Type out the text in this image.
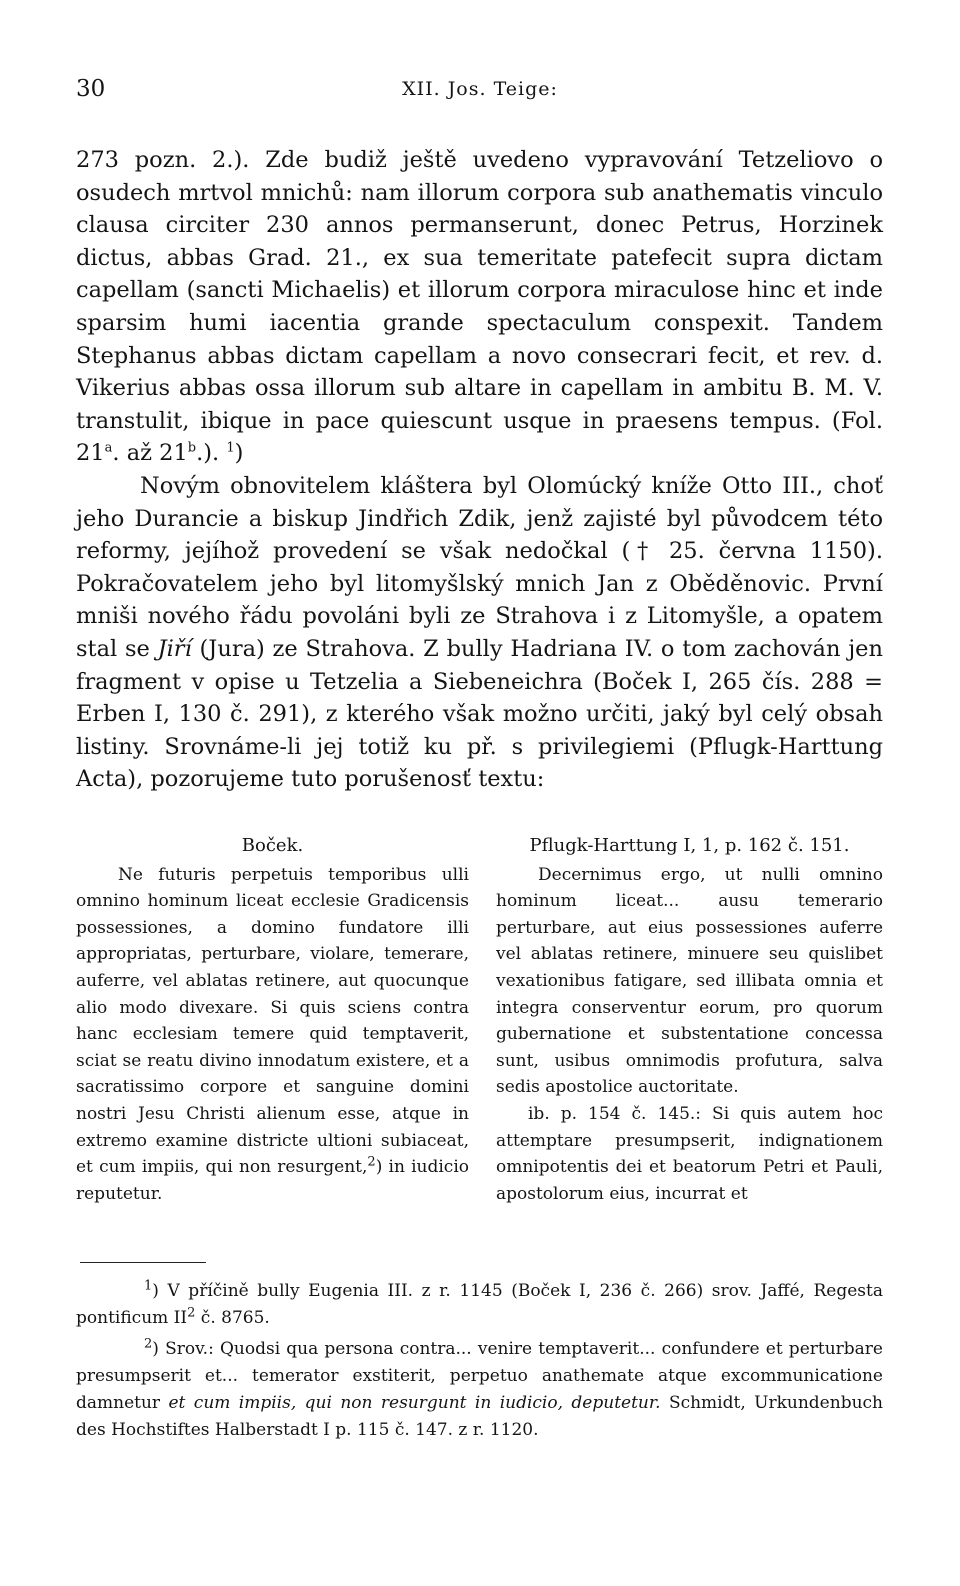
30	XII. Jos. Teige:

273 pozn. 2.). Zde budiž ještě uvedeno vypravování Tetzeliovo o osudech mrtvol mnichů: nam illorum corpora sub anathematis vinculo clausa circiter 230 annos permanserunt, donec Petrus, Horzinek dictus, abbas Grad. 21., ex sua temeritate patefecit supra dictam capellam (sancti Michaelis) et illorum corpora miraculose hinc et inde sparsim humi iacentia grande spectaculum conspexit. Tandem Stephanus abbas dictam capellam a novo consecrari fecit, et rev. d. Vikerius abbas ossa illorum sub altare in capellam in ambitu B. M. V. transtulit, ibique in pace quiescunt usque in praesens tempus. (Fol. 21$^a$. až 21$^b$.). $^1$)

Novým obnovitelem kláštera byl Olomúcký kníže Otto III., choť jeho Durancie a biskup Jindřich Zdik, jenž zajisté byl původcem této reformy, jejíhož provedení se však nedočkal († 25. června 1150). Pokračovatelem jeho byl litomyšlský mnich Jan z Oběděnovic. První mniši nového řádu povoláni byli ze Strahova i z Litomyšle, a opatem stal se Jiří (Jura) ze Strahova. Z bully Hadriana IV. o tom zachován jen fragment v opise u Tetzelia a Siebeneichra (Boček I, 265 čís. 288 = Erben I, 130 č. 291), z kterého však možno určiti, jaký byl celý obsah listiny. Srovnáme-li jej totiž ku př. s privilegiemi (Pflugk-Harttung Acta), pozorujeme tuto porušenosť textu:

Boček.

Ne futuris perpetuis temporibus ulli omnino hominum liceat ecclesie Gradicensis possessiones, a domino fundatore illi appropriatas, perturbare, violare, temerare, auferre, vel ablatas retinere, aut quocunque alio modo divexare. Si quis sciens contra hanc ecclesiam temere quid temptaverit, sciat se reatu divino innodatum existere, et a sacratissimo corpore et sanguine domini nostri Jesu Christi alienum esse, atque in extremo examine districte ultioni subiaceat, et cum impiis, qui non resurgent,$^2$) in iudicio reputetur.

Pflugk-Harttung I, 1, p. 162 č. 151.

Decernimus ergo, ut nulli omnino hominum liceat... ausu temerario perturbare, aut eius possessiones auferre vel ablatas retinere, minuere seu quislibet vexationibus fatigare, sed illibata omnia et integra conserventur eorum, pro quorum gubernatione et substentatione concessa sunt, usibus omnimodis profutura, salva sedis apostolice auctoritate.

ib. p. 154 č. 145.: Si quis autem hoc attemptare presumpserit, indignationem omnipotentis dei et beatorum Petri et Pauli, apostolorum eius, incurrat et

$^1$) V příčině bully Eugenia III. z r. 1145 (Boček I, 236 č. 266) srov. Jaffé, Regesta pontificum $II^2$ č. 8765.

$^2$) Srov.: Quodsi qua persona contra... venire temptaverit... confundere et perturbare presumpserit et... temerator exstiterit, perpetuo anathemate atque excommunicatione damnetur et cum impiis, qui non resurgunt in iudicio, deputetur. Schmidt, Urkundenbuch des Hochstiftes Halberstadt I p. 115 č. 147. z r. 1120.
